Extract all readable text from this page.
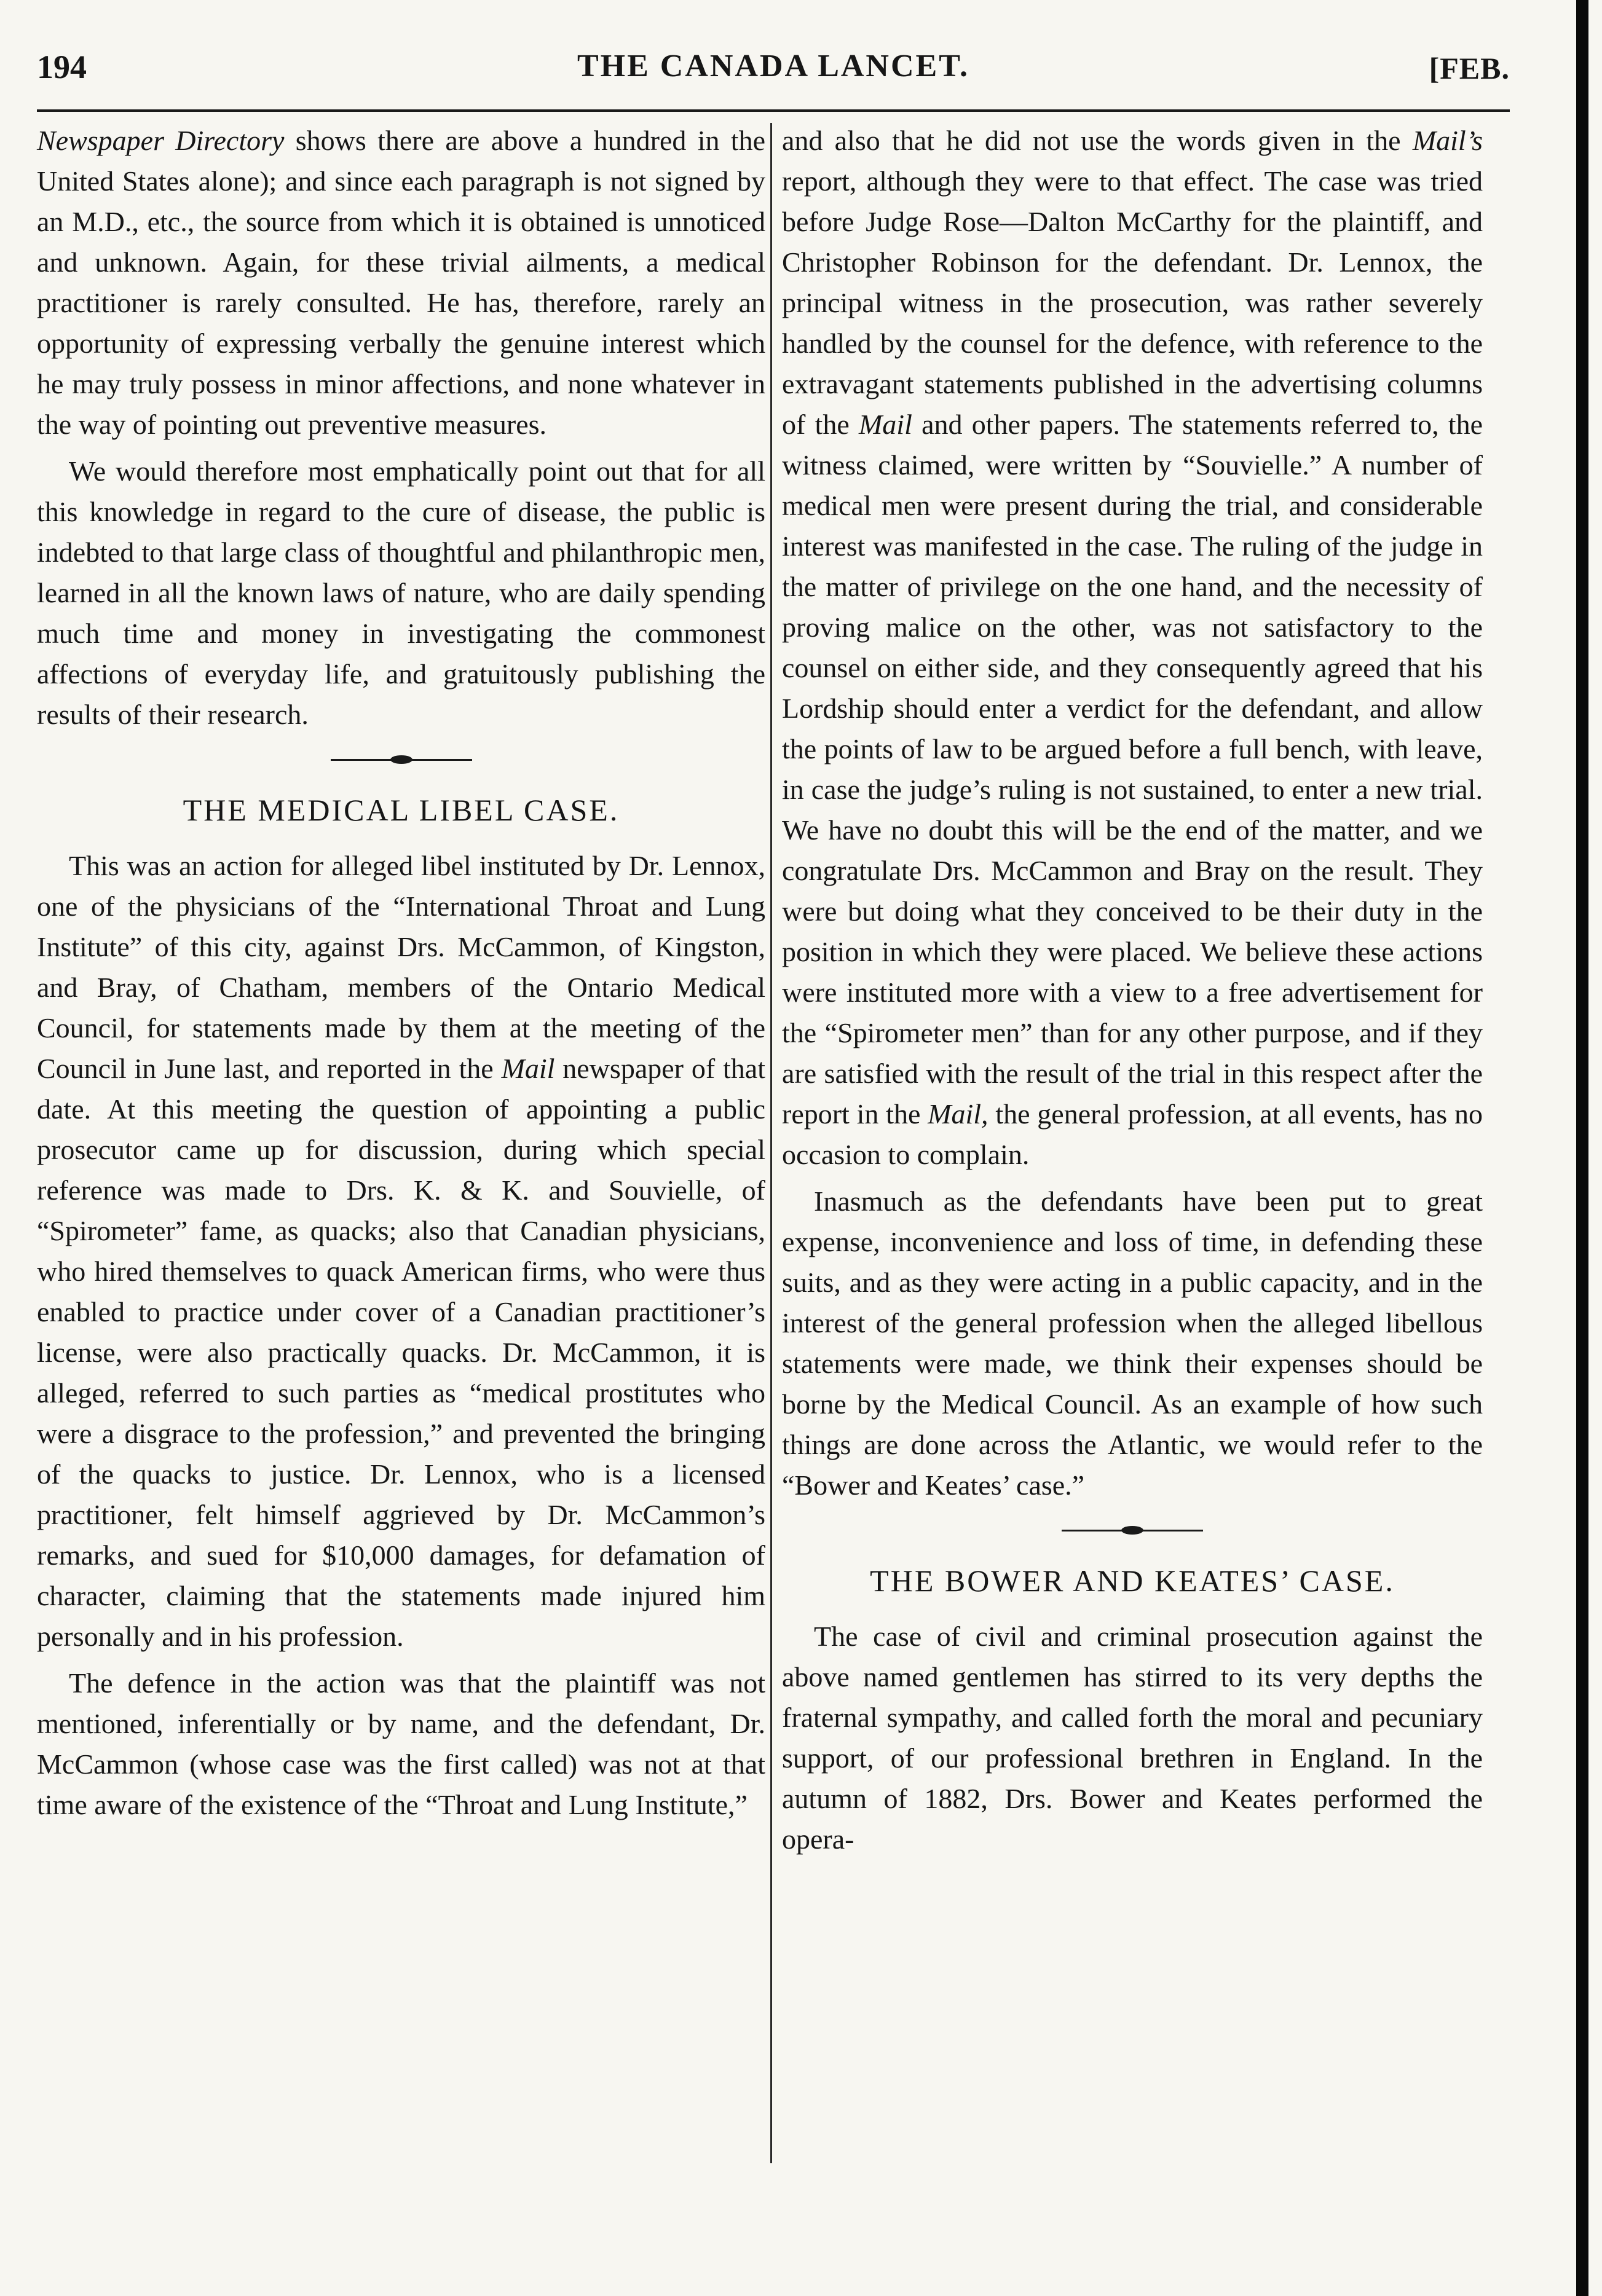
194	THE CANADA LANCET.	[FEB.

Newspaper Directory shows there are above a hundred in the United States alone); and since each paragraph is not signed by an M.D., etc., the source from which it is obtained is unnoticed and unknown. Again, for these trivial ailments, a medical practitioner is rarely consulted. He has, therefore, rarely an opportunity of expressing verbally the genuine interest which he may truly possess in minor affections, and none whatever in the way of pointing out preventive measures.

We would therefore most emphatically point out that for all this knowledge in regard to the cure of disease, the public is indebted to that large class of thoughtful and philanthropic men, learned in all the known laws of nature, who are daily spending much time and money in investigating the commonest affections of everyday life, and gratuitously publishing the results of their research.

THE MEDICAL LIBEL CASE.

This was an action for alleged libel instituted by Dr. Lennox, one of the physicians of the “International Throat and Lung Institute” of this city, against Drs. McCammon, of Kingston, and Bray, of Chatham, members of the Ontario Medical Council, for statements made by them at the meeting of the Council in June last, and reported in the Mail newspaper of that date. At this meeting the question of appointing a public prosecutor came up for discussion, during which special reference was made to Drs. K. & K. and Souvielle, of “Spirometer” fame, as quacks; also that Canadian physicians, who hired themselves to quack American firms, who were thus enabled to practice under cover of a Canadian practitioner’s license, were also practically quacks. Dr. McCammon, it is alleged, referred to such parties as “medical prostitutes who were a disgrace to the profession,” and prevented the bringing of the quacks to justice. Dr. Lennox, who is a licensed practitioner, felt himself aggrieved by Dr. McCammon’s remarks, and sued for $10,000 damages, for defamation of character, claiming that the statements made injured him personally and in his profession.

The defence in the action was that the plaintiff was not mentioned, inferentially or by name, and the defendant, Dr. McCammon (whose case was the first called) was not at that time aware of the existence of the “Throat and Lung Institute,”

and also that he did not use the words given in the Mail’s report, although they were to that effect. The case was tried before Judge Rose—Dalton McCarthy for the plaintiff, and Christopher Robinson for the defendant. Dr. Lennox, the principal witness in the prosecution, was rather severely handled by the counsel for the defence, with reference to the extravagant statements published in the advertising columns of the Mail and other papers. The statements referred to, the witness claimed, were written by “Souvielle.” A number of medical men were present during the trial, and considerable interest was manifested in the case. The ruling of the judge in the matter of privilege on the one hand, and the necessity of proving malice on the other, was not satisfactory to the counsel on either side, and they consequently agreed that his Lordship should enter a verdict for the defendant, and allow the points of law to be argued before a full bench, with leave, in case the judge’s ruling is not sustained, to enter a new trial. We have no doubt this will be the end of the matter, and we congratulate Drs. McCammon and Bray on the result. They were but doing what they conceived to be their duty in the position in which they were placed. We believe these actions were instituted more with a view to a free advertisement for the “Spirometer men” than for any other purpose, and if they are satisfied with the result of the trial in this respect after the report in the Mail, the general profession, at all events, has no occasion to complain.

Inasmuch as the defendants have been put to great expense, inconvenience and loss of time, in defending these suits, and as they were acting in a public capacity, and in the interest of the general profession when the alleged libellous statements were made, we think their expenses should be borne by the Medical Council. As an example of how such things are done across the Atlantic, we would refer to the “Bower and Keates’ case.”

THE BOWER AND KEATES’ CASE.

The case of civil and criminal prosecution against the above named gentlemen has stirred to its very depths the fraternal sympathy, and called forth the moral and pecuniary support, of our professional brethren in England. In the autumn of 1882, Drs. Bower and Keates performed the opera-
